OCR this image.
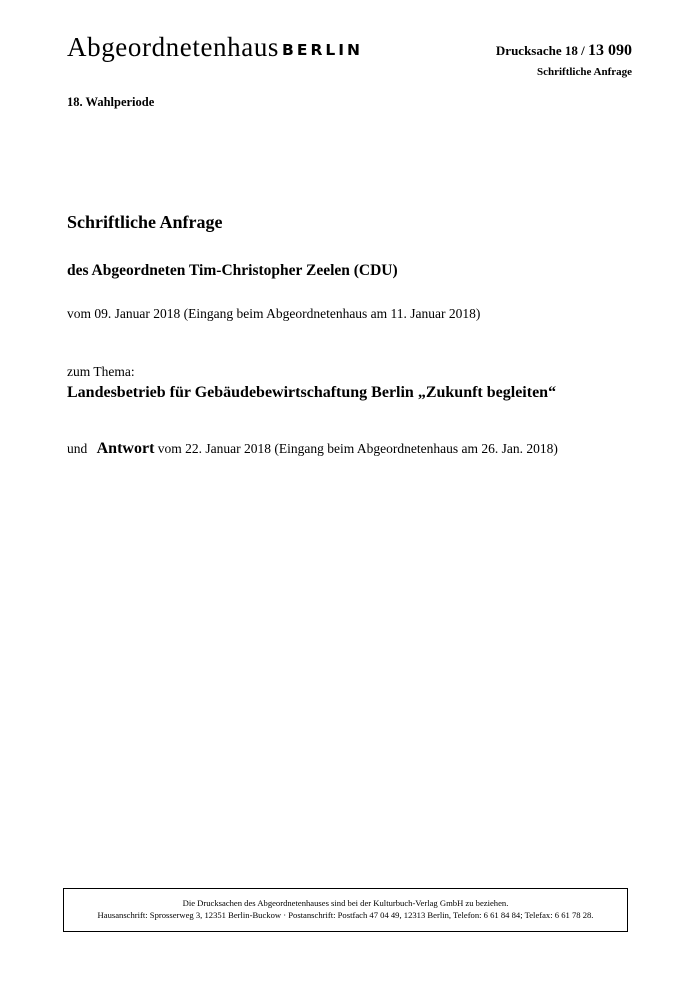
Abgeordnetenhaus BERLIN	Drucksache 18 / 13 090
Schriftliche Anfrage
18. Wahlperiode
Schriftliche Anfrage
des Abgeordneten Tim-Christopher Zeelen (CDU)
vom 09. Januar 2018 (Eingang beim Abgeordnetenhaus am 11. Januar 2018)
zum Thema:
Landesbetrieb für Gebäudebewirtschaftung Berlin „Zukunft begleiten“
und Antwort vom 22. Januar 2018 (Eingang beim Abgeordnetenhaus am 26. Jan. 2018)
Die Drucksachen des Abgeordnetenhauses sind bei der Kulturbuch-Verlag GmbH zu beziehen.
Hausanschrift: Sprosserweg 3, 12351 Berlin-Buckow · Postanschrift: Postfach 47 04 49, 12313 Berlin, Telefon: 6 61 84 84; Telefax: 6 61 78 28.
